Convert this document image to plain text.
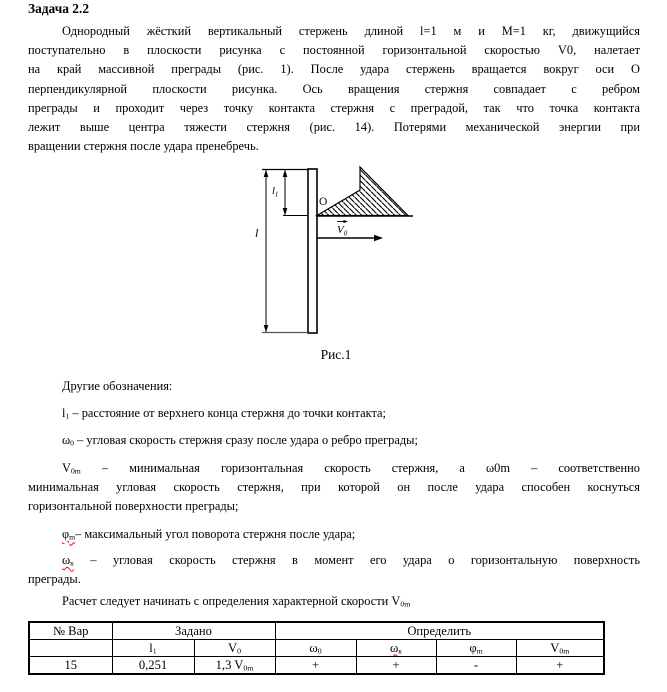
Задача 2.2
Однородный жёсткий вертикальный стержень длиной l=1 м и M=1 кг, движущийся
поступательно в плоскости рисунка с постоянной горизонтальной скоростью V0, налетает
на край массивной преграды (рис. 1). После удара стержень вращается вокруг оси О
перпендикулярной плоскости рисунка. Ось вращения стержня совпадает с ребром
преграды и проходит через точку контакта стержня с преградой, так что точка контакта
лежит выше центра тяжести стержня (рис. 14). Потерями механической энергии при
вращении стержня после удара пренебречь.
l
$l_1$
O
$V_0$
Рис.1
Другие обозначения:
$l_1$ – расстояние от верхнего конца стержня до точки контакта;
$\omega_0$ – угловая скорость стержня сразу после удара о ребро преграды;
$V_{0m}$ – минимальная горизонтальная скорость стержня, а ω0m – соответственно
минимальная угловая скорость стержня, при которой он после удара способен коснуться
горизонтальной поверхности преграды;
$\varphi_m-$ максимальный угол поворота стержня после удара;
$\omega_к$ – угловая скорость стержня в момент его удара о горизонтальную поверхность
преграды.
Расчет следует начинать с определения характерной скорости $V_{0m}$
№ Вар	Задано		Определить			
	$l_1$	$V_0$	$\omega_0$	$\omega_к$	$\varphi_m$	$V_{0m}$
15	0,251	1,3 $V_{0m}$	+	+	-	+
